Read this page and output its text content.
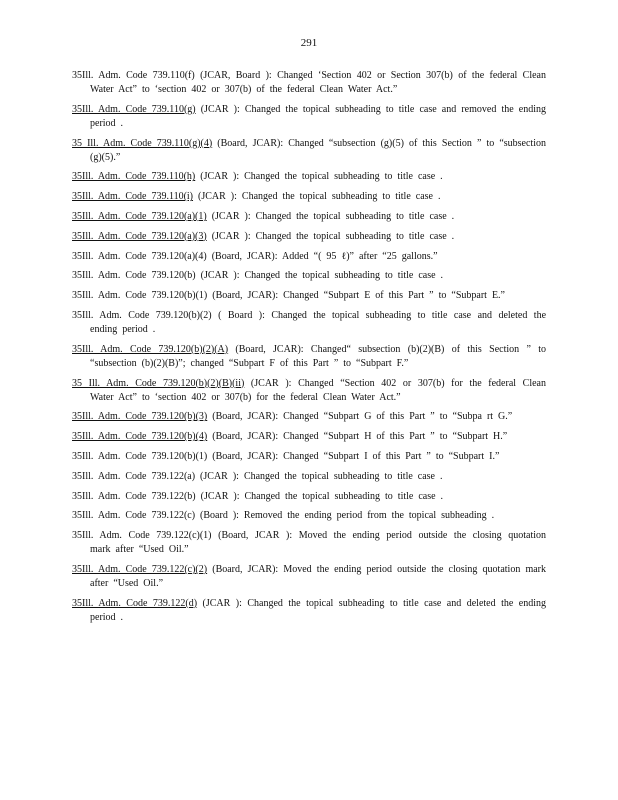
291

35Ill. Adm. Code 739.110(f) (JCAR, Board ): Changed ‘Section 402 or Section 307(b) of the federal Clean Water Act” to ‘section 402 or 307(b) of the federal Clean Water Act.”

35Ill. Adm. Code 739.110(g) (JCAR ): Changed the topical subheading to title case and removed the ending period .

35 Ill. Adm. Code 739.110(g)(4) (Board, JCAR): Changed “subsection (g)(5) of this Section ” to “subsection (g)(5).”

35Ill. Adm. Code 739.110(h) (JCAR ): Changed the topical subheading to title case .

35Ill. Adm. Code 739.110(i) (JCAR ): Changed the topical subheading to title case .

35Ill. Adm. Code 739.120(a)(1) (JCAR ): Changed the topical subheading to title case .

35Ill. Adm. Code 739.120(a)(3) (JCAR ): Changed the topical subheading to title case .

35Ill. Adm. Code 739.120(a)(4) (Board, JCAR): Added “( 95 ℓ)” after “25 gallons.”

35Ill. Adm. Code 739.120(b) (JCAR ): Changed the topical subheading to title case .

35Ill. Adm. Code 739.120(b)(1) (Board, JCAR): Changed “Subpart E of this Part ” to “Subpart E.”

35Ill. Adm. Code 739.120(b)(2) ( Board ): Changed the topical subheading to title case and deleted the ending period .

35Ill. Adm. Code 739.120(b)(2)(A) (Board, JCAR): Changed“ subsection (b)(2)(B) of this Section ” to “subsection (b)(2)(B)”; changed “Subpart F of this Part ” to “Subpart F.”

35 Ill. Adm. Code 739.120(b)(2)(B)(ii) (JCAR ): Changed “Section 402 or 307(b) for the federal Clean Water Act” to ‘section 402 or 307(b) for the federal Clean Water Act.”

35Ill. Adm. Code 739.120(b)(3) (Board, JCAR): Changed “Subpart G of this Part ” to “Subpa rt G.”

35Ill. Adm. Code 739.120(b)(4) (Board, JCAR): Changed “Subpart H of this Part ” to “Subpart H.”

35Ill. Adm. Code 739.120(b)(1) (Board, JCAR): Changed “Subpart I of this Part ” to “Subpart I.”

35Ill. Adm. Code 739.122(a) (JCAR ): Changed the topical subheading to title case .

35Ill. Adm. Code 739.122(b) (JCAR ): Changed the topical subheading to title case .

35Ill. Adm. Code 739.122(c) (Board ): Removed the ending period from the topical subheading .

35Ill. Adm. Code 739.122(c)(1) (Board, JCAR ): Moved the ending period outside the closing quotation mark after “Used Oil.”

35Ill. Adm. Code 739.122(c)(2) (Board, JCAR): Moved the ending period outside the closing quotation mark after “Used Oil.”

35Ill. Adm. Code 739.122(d) (JCAR ): Changed the topical subheading to title case and deleted the ending period .
